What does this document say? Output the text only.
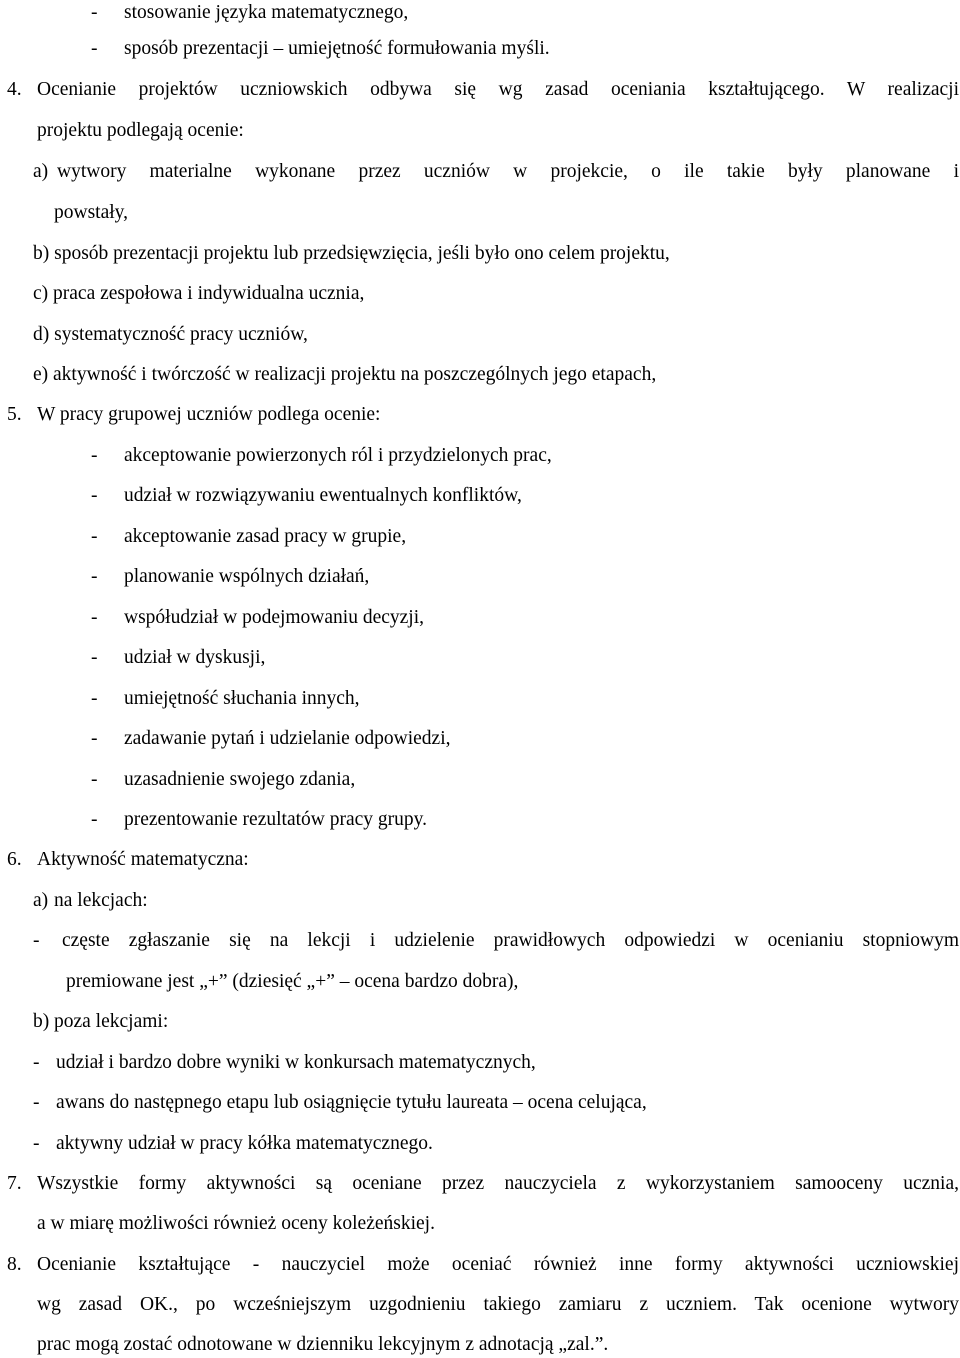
- stosowanie języka matematycznego,
- sposób prezentacji – umiejętność formułowania myśli.
4. Ocenianie projektów uczniowskich odbywa się wg zasad oceniania kształtującego. W realizacji
projektu podlegają ocenie:
a) wytwory materialne wykonane przez uczniów w projekcie, o ile takie były planowane i
powstały,
b) sposób prezentacji projektu lub przedsięwzięcia, jeśli było ono celem projektu,
c) praca zespołowa i indywidualna ucznia,
d) systematyczność pracy uczniów,
e) aktywność i twórczość w realizacji projektu na poszczególnych jego etapach,
5. W pracy grupowej uczniów podlega ocenie:
- akceptowanie powierzonych ról i przydzielonych prac,
- udział w rozwiązywaniu ewentualnych konfliktów,
- akceptowanie zasad pracy w grupie,
- planowanie wspólnych działań,
- współudział w podejmowaniu decyzji,
- udział w dyskusji,
- umiejętność słuchania innych,
- zadawanie pytań i udzielanie odpowiedzi,
- uzasadnienie swojego zdania,
- prezentowanie rezultatów pracy grupy.
6. Aktywność matematyczna:
a) na lekcjach:
- częste zgłaszanie się na lekcji i udzielenie prawidłowych odpowiedzi w ocenianiu stopniowym
premiowane jest „+” (dziesięć „+” – ocena bardzo dobra),
b) poza lekcjami:
- udział i bardzo dobre wyniki w konkursach matematycznych,
- awans do następnego etapu lub osiągnięcie tytułu laureata – ocena celująca,
- aktywny udział w pracy kółka matematycznego.
7. Wszystkie formy aktywności są oceniane przez nauczyciela z wykorzystaniem samooceny ucznia,
a w miarę możliwości również oceny koleżeńskiej.
8. Ocenianie kształtujące - nauczyciel może oceniać również inne formy aktywności uczniowskiej
wg zasad OK., po wcześniejszym uzgodnieniu takiego zamiaru z uczniem. Tak ocenione wytwory
prac mogą zostać odnotowane w dzienniku lekcyjnym z adnotacją „zal.”.
